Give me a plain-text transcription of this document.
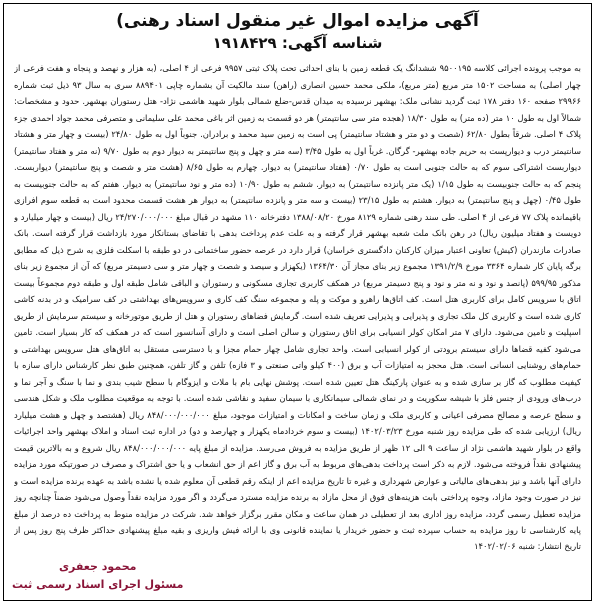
آگهی مزایده اموال غیر منقول اسناد رهنی)
شناسه آگهی: ۱۹۱۸۴۲۹

به موجب پرونده اجرائی کلاسه ۹۵۰۰۱۹۵ ششدانگ یک قطعه زمین با بنای احداثی تحت پلاک ثبتی ۹۹۵۷ فرعی از ۴ اصلی، (به هزار و نهصد و پنجاه و هفت فرعی از چهار اصلی) به مساحت ۱۵۰۲ متر مربع (متر مربع)، ملکی محمد حسین انصاری (راهن) سند مالکیت آن بشماره چاپی ۸۸۹۴۰۱ سری به سال ۹۳ ذیل ثبت شماره ۲۹۹۶۶ صفحه ۱۶۰ دفتر ۱۷۸ ثبت گردید نشانی ملک: بهشهر نرسیده به میدان قدس-ضلع شمالی بلوار شهید هاشمی نژاد- هتل رستوران بهشهر. حدود و مشخصات: شمالاً اول به طول ۱۰ متر (ده متر) به طول ۱۸/۳۰ (هجده متر سی سانتیمتر) هر دو قسمت به زمین اثر باغی محمد علی سلیمانی و متصرفی محمد جواد احمدی جزء پلاک ۴ اصلی. شرقاً بطول ۶۲/۸۰ (شصت و دو متر و هشتاد سانتیمتر) پی است به زمین سید محمد و برادران. جنوباً اول به طول ۲۴/۸۰ (بیست و چهار متر و هشتاد سانتیمتر درب و دیوارپست به حریم جاده بهشهر- گرگان. غرباً اول به طول ۳/۴۵ (سه متر و چهل و پنج سانتیمتر به دیوار دوم به طول ۹/۷۰ (نه متر و هفتاد سانتیمتر) دیواربست اشتراکی سوم که به حالت جنوبی است به طول ۰/۷۰ (هفتاد سانتیمتر) به دیوار. چهارم به طول ۸/۶۵ (هشت متر و شصت و پنج سانتیمتر) دیواربست. پنجم که به حالت جنوبیست به طول ۱/۱۵ (یک متر پانزده سانتیمتر) به دیوار. ششم به طول ۱۰/۹۰ (ده متر و نود سانتیمتر) به دیوار. هفتم که به حالت جنوبیست به طول ۰/۴۵ (چهل و پنج سانتیمتر) به دیوار. هشتم به طول ۲۳/۱۵ (بیست و سه متر و پانزده سانتیمتر) به دیوار هر هشت قسمت محدود است به قطعه سوم افرازی باقیمانده پلاک ۷۷ فرعی از ۴ اصلی. طی سند رهنی شماره ۸۱۲۹ مورخ ۱۳۸۸/۰۸/۲۰ دفترخانه ۱۱۰ مشهد در قبال مبلغ ۲۴/۲۷۰/۰۰۰/۰۰۰ ریال (بیست و چهار میلیارد و دویست و هفتاد میلیون ریال) در رهن بانک ملت شعبه بهشهر قرار گرفته و به علت عدم پرداخت بدهی با تقاضای بستانکار مورد بازداشت قرار گرفته است. بانک صادرات مازندران (کیش) تعاونی اعتبار میزان کارکنان دادگستری خراسان) قرار دارد در عرصه حضور ساختمانی در دو طبقه با اسکلت فلزی به شرح ذیل که مطابق برگه پایان کار شماره ۳۳۶۴ مورخ ۱۳۹۱/۲/۹ مجموع زیر بنای مجاز آن ۱۳۶۴/۳۰ (یکهزار و سیصد و شصت و چهار متر و سی دسیمتر مربع) که آن از مجموع زیر بنای مذکور ۵۹۹/۹۵ (پانصد و نود و نه متر و نود و پنج دسیمتر مربع) در همکف کاربری تجاری مسکونی و رستوران و الباقی شامل طبقه اول و طبقه دوم مجموعاً بیست اتاق با سرویس کامل برای کاربری هتل است. کف اتاق‌ها راهرو و موکت و پله و مجموعه سنگ کف کاری و سرویس‌های بهداشتی در کف سرامیک و در بدنه کاشی کاری شده است و کاربری کل ملک تجاری و پذیرایی و پذیرایی تعریف شده است. گرمایش فضاهای رستوران و هتل از طریق موتورخانه و سیستم سرمایش از طریق اسپلیت و تامین می‌شود. دارای ۷ متر امکان کولر انسیابی برای اتاق رستوران و سالن اصلی است و دارای آسانسور است که در همکف که کار بسیار است. تامین می‌شود کفیه قضاها دارای سیستم برودتی از کولر انسیابی است. واحد تجاری شامل چهار حمام مجزا و با دسترسی مستقل به اتاق‌های هتل سرویس بهداشتی و حمام‌های روشنایی انسانی است. هتل محجز به امتیازات آب و برق (۴۰۰ کیلو واتی صنعتی و ۳ فازه) تلفن و گاز تلفن، همچنین طبق نظر کارشناس دارای سازه با کیفیت مطلوب که گاز بر سازی شده و به عنوان پارکینگ هتل تعیین شده است. پوشش نهایی بام با ملات و ایزوگام با سطح شیب بندی و نما با سنگ و آجر نما و درب‌های ورودی از جنس فلز با شیشه سکوریت و در نمای شمالی سیمانکاری با سیمان سفید و نقاشی شده است. با توجه به موقعیت مطلوب ملک و شکل هندسی و سطح عرصه و مصالح مصرفی اعیانی و کاربری ملک و زمان ساخت و امکانات و امتیازات موجود، مبلغ ۸۴۸/۰۰۰/۰۰۰/۰۰۰ ریال (هشتصد و چهل و هشت میلیارد ریال) ارزیابی شده که طی مزایده روز شنبه مورخ ۱۴۰۲/۰۳/۲۳ (بیست و سوم خردادماه یکهزار و چهارصد و دو) در اداره ثبت اسناد و املاک بهشهر واحد اجرائیات واقع در بلوار شهید هاشمی نژاد از ساعت ۹ الی ۱۲ ظهر از طریق مزایده به فروش می‌رسد. مزایده از مبلغ پایه ۸۴۸/۰۰۰/۰۰۰/۰۰۰ ریال شروع و به بالاترین قیمت پیشنهادی نقداً فروخته می‌شود. لازم به ذکر است پرداخت بدهی‌های مربوط به آب برق و گاز اعم از حق انشعاب و یا حق اشتراک و مصرف در صورتیکه مورد مزایده دارای آنها باشد و نیز بدهی‌های مالیاتی و عوارض شهرداری و غیره تا تاریخ مزایده اعم از اینکه رقم قطعی آن معلوم شده یا نشده باشد به عهده برنده مزایده است و نیز در صورت وجود مازاد، وجوه پرداختی بابت هزینه‌های فوق از محل مازاد به برنده مزایده مسترد می‌گردد و اگر مورد مزایده نقداً وصول می‌شود ضمناً چنانچه روز مزایده تعطیل رسمی گردد، مزایده روز اداری بعد از تعطیلی در همان ساعت و مکان مقرر برگزار خواهد شد. شرکت در مزایده منوط به پرداخت ده درصد از مبلغ پایه کارشناسی تا روز مزایده به حساب سپرده ثبت و حضور خریدار یا نماینده قانونی وی با ارائه فیش واریزی و بقیه مبلغ پیشنهادی حداکثر ظرف پنج روز پس از

تاریخ انتشار: شنبه ۱۴۰۲/۰۲/۰۶

محمود جعفری
مسئول اجرای اسناد رسمی ثبت
